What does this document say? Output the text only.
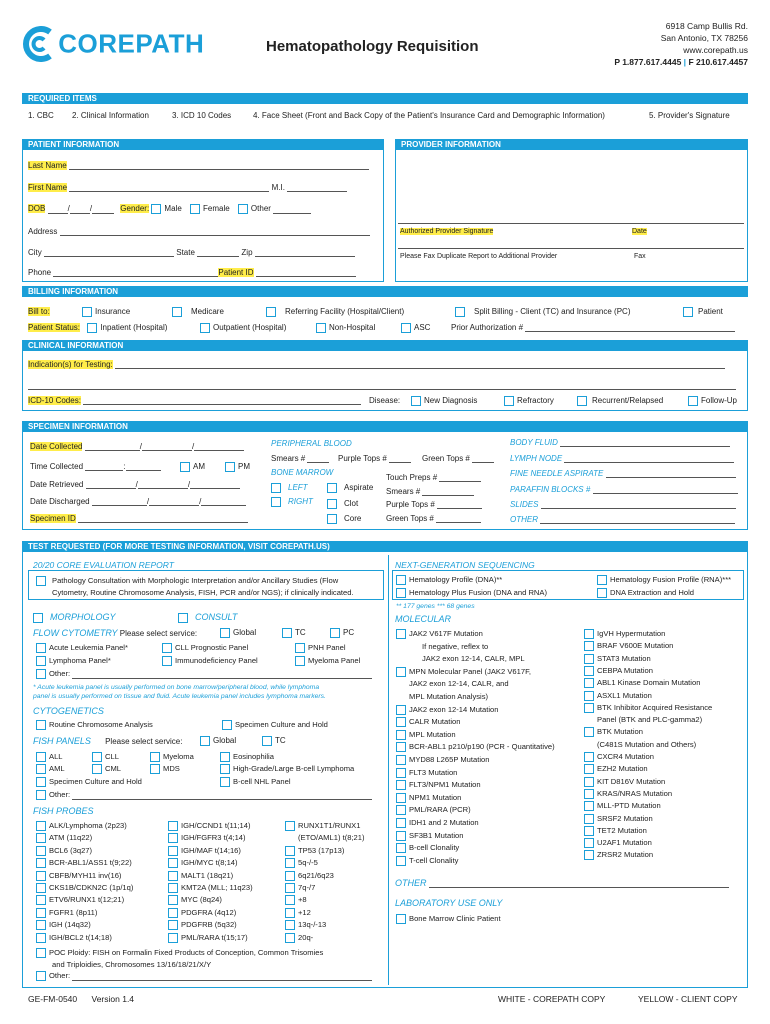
COREPATH	Hematopathology Requisition
6918 Camp Bullis Rd.
San Antonio, TX 78256
www.corepath.us
P 1.877.617.4445 | F 210.617.4457
REQUIRED ITEMS
1. CBC 2. Clinical Information	3. ICD 10 Codes	4. Face Sheet (Front and Back Copy of the Patient's Insurance Card and Demographic Information)	5. Provider's Signature
PATIENT INFORMATION
Last Name
First Name	M.I.
DOB	/	/	Gender: Male	Female	Other
Address
City	State	Zip
Phone	Patient ID
PROVIDER INFORMATION
Authorized Provider Signature	Date
Please Fax Duplicate Report to Additional Provider	Fax
BILLING INFORMATION
Bill to:	Insurance	Medicare	Referring Facility (Hospital/Client)	Split Billing - Client (TC) and Insurance (PC)	Patient
Patient Status:	Inpatient (Hospital)	Outpatient (Hospital)	Non-Hospital	ASC	Prior Authorization #
CLINICAL INFORMATION
Indication(s) for Testing:
ICD-10 Codes:	Disease:	New Diagnosis	Refractory	Recurrent/Relapsed	Follow-Up
SPECIMEN INFORMATION
Date Collected	/	/
Time Collected	:	AM	PM
Date Retrieved	/	/
Date Discharged	/	/
Specimen ID
PERIPHERAL BLOOD
Smears #	Purple Tops #	Green Tops #
BONE MARROW
LEFT
RIGHT
Aspirate
Clot
Core
Touch Preps #
Smears #
Purple Tops #
Green Tops #
BODY FLUID
LYMPH NODE
FINE NEEDLE ASPIRATE
PARAFFIN BLOCKS #
SLIDES
OTHER
TEST REQUESTED (FOR MORE TESTING INFORMATION, VISIT COREPATH.US)
20/20 CORE EVALUATION REPORT
Pathology Consultation with Morphologic Interpretation and/or Ancillary Studies (Flow
Cytometry, Routine Chromosome Analysis, FISH, PCR and/or NGS); if clinically indicated.
MORPHOLOGY	CONSULT
FLOW CYTOMETRY Please select service:	Global	TC	PC
Acute Leukemia Panel*
Lymphoma Panel*
CLL Prognostic Panel
Immunodeficiency Panel
PNH Panel
Myeloma Panel
Other:
* Acute leukemia panel is usually performed on bone marrow/peripheral blood, while lymphoma
panel is usually performed on tissue and fluid. Acute leukemia panel includes lymphoma markers.
CYTOGENETICS
Routine Chromosome Analysis	Specimen Culture and Hold
FISH PANELS Please select service:	Global	TC
ALL
AML
CLL
CML
Myeloma
MDS
Eosinophilia
High-Grade/Large B-cell Lymphoma
B-cell NHL Panel
Specimen Culture and Hold
Other:
FISH PROBES
ALK/Lymphoma (2p23)
ATM (11q22)
BCL6 (3q27)
BCR-ABL1/ASS1 t(9;22)
CBFB/MYH11 inv(16)
CKS1B/CDKN2C (1p/1q)
ETV6/RUNX1 t(12;21)
FGFR1 (8p11)
IGH (14q32)
IGH/BCL2 t(14;18)
IGH/CCND1 t(11;14)
IGH/FGFR3 t(4;14)
IGH/MAF t(14;16)
IGH/MYC t(8;14)
MALT1 (18q21)
KMT2A (MLL; 11q23)
MYC (8q24)
PDGFRA (4q12)
PDGFRB (5q32)
PML/RARA t(15;17)
RUNX1T1/RUNX1
(ETO/AML1) t(8;21)
TP53 (17p13)
5q-/-5
6q21/6q23
7q-/7
+8
+12
13q-/-13
20q-
POC Ploidy: FISH on Formalin Fixed Products of Conception, Common Trisomies
and Triploidies, Chromosomes 13/16/18/21/X/Y
Other:
NEXT-GENERATION SEQUENCING
Hematology Profile (DNA)**
Hematology Plus Fusion (DNA and RNA)
Hematology Fusion Profile (RNA)***
DNA Extraction and Hold
** 177 genes *** 68 genes
MOLECULAR
JAK2 V617F Mutation
If negative, reflex to
JAK2 exon 12-14, CALR, MPL
MPN Molecular Panel (JAK2 V617F,
JAK2 exon 12-14, CALR, and
MPL Mutation Analysis)
JAK2 exon 12-14 Mutation
CALR Mutation
MPL Mutation
BCR-ABL1 p210/p190 (PCR - Quantitative)
MYD88 L265P Mutation
FLT3 Mutation
FLT3/NPM1 Mutation
NPM1 Mutation
PML/RARA (PCR)
IDH1 and 2 Mutation
SF3B1 Mutation
B-cell Clonality
T-cell Clonality
IgVH Hypermutation
BRAF V600E Mutation
STAT3 Mutation
CEBPA Mutation
ABL1 Kinase Domain Mutation
ASXL1 Mutation
BTK Inhibitor Acquired Resistance
Panel (BTK and PLC-gamma2)
BTK Mutation
(C481S Mutation and Others)
CXCR4 Mutation
EZH2 Mutation
KIT D816V Mutation
KRAS/NRAS Mutation
MLL-PTD Mutation
SRSF2 Mutation
TET2 Mutation
U2AF1 Mutation
ZRSR2 Mutation
OTHER
LABORATORY USE ONLY
Bone Marrow Clinic Patient
GE-FM-0540 Version 1.4	WHITE - COREPATH COPY	YELLOW - CLIENT COPY
